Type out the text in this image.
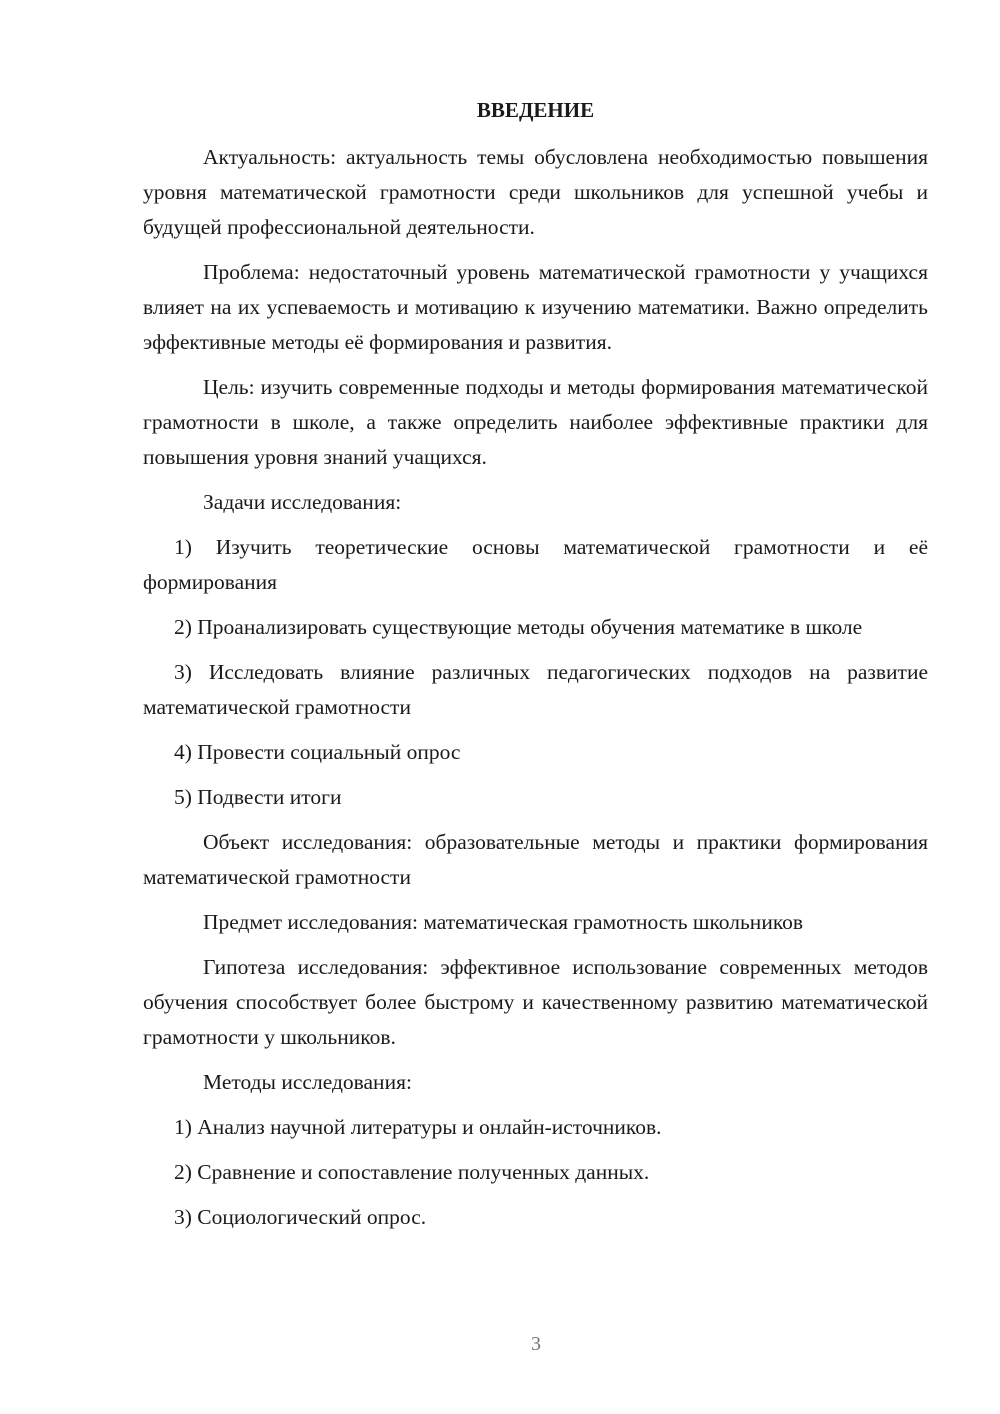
ВВЕДЕНИЕ

Актуальность: актуальность темы обусловлена необходимостью повышения уровня математической грамотности среди школьников для успешной учебы и будущей профессиональной деятельности.

Проблема: недостаточный уровень математической грамотности у учащихся влияет на их успеваемость и мотивацию к изучению математики. Важно определить эффективные методы её формирования и развития.

Цель: изучить современные подходы и методы формирования математической грамотности в школе, а также определить наиболее эффективные практики для повышения уровня знаний учащихся.

Задачи исследования:

1) Изучить теоретические основы математической грамотности и её формирования

2) Проанализировать существующие методы обучения математике в школе

3) Исследовать влияние различных педагогических подходов на развитие математической грамотности

4) Провести социальный опрос

5) Подвести итоги

Объект исследования: образовательные методы и практики формирования математической грамотности

Предмет исследования: математическая грамотность школьников

Гипотеза исследования: эффективное использование современных методов обучения способствует более быстрому и качественному развитию математической грамотности у школьников.

Методы исследования:

1) Анализ научной литературы и онлайн-источников.

2) Сравнение и сопоставление полученных данных.

3) Социологический опрос.

3
